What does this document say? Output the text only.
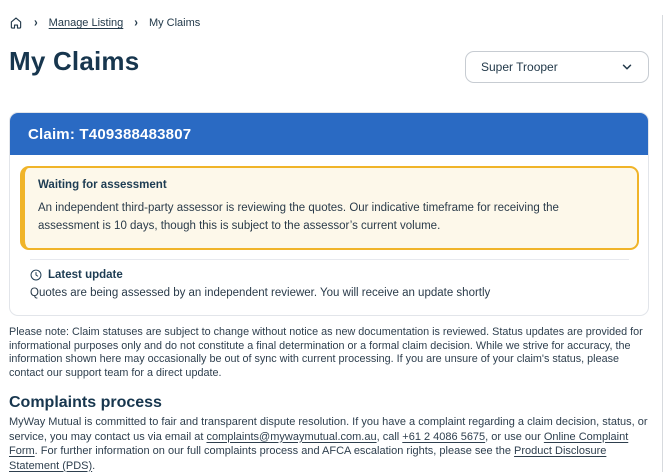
› Manage Listing › My Claims
My Claims	Super Trooper
Claim: T409388483807
Waiting for assessment
An independent third-party assessor is reviewing the quotes. Our indicative timeframe for receiving the assessment is 10 days, though this is subject to the assessor’s current volume.
Latest update
Quotes are being assessed by an independent reviewer. You will receive an update shortly

Please note: Claim statuses are subject to change without notice as new documentation is reviewed. Status updates are provided for informational purposes only and do not constitute a final determination or a formal claim decision. While we strive for accuracy, the information shown here may occasionally be out of sync with current processing. If you are unsure of your claim's status, please contact our support team for a direct update.

Complaints process

MyWay Mutual is committed to fair and transparent dispute resolution. If you have a complaint regarding a claim decision, status, or service, you may contact us via email at complaints@mywaymutual.com.au, call +61 2 4086 5675, or use our Online Complaint Form. For further information on our full complaints process and AFCA escalation rights, please see the Product Disclosure Statement (PDS).
